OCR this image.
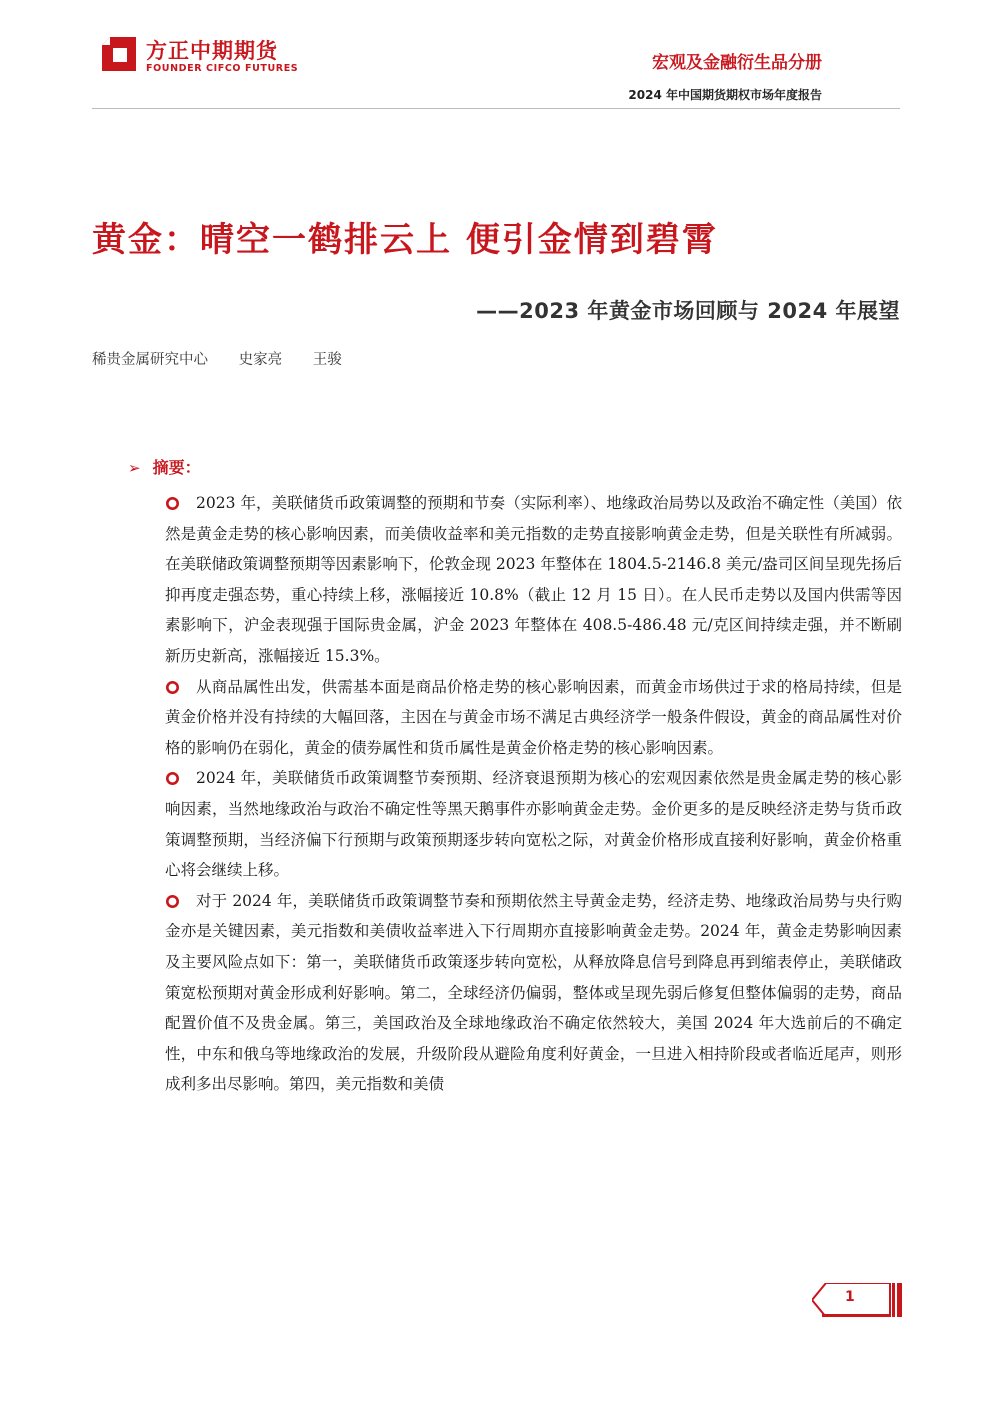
方正中期期货
FOUNDER CIFCO FUTURES	宏观及金融衍生品分册
2024 年中国期货期权市场年度报告
黄金：晴空一鹤排云上 便引金情到碧霄
——2023 年黄金市场回顾与 2024 年展望
稀贵金属研究中心 史家亮 王骏
➢ 摘要：

2023 年，美联储货币政策调整的预期和节奏（实际利率）、地缘政治局势以及政治不确定性（美国）依然是黄金走势的核心影响因素，而美债收益率和美元指数的走势直接影响黄金走势，但是关联性有所减弱。在美联储政策调整预期等因素影响下，伦敦金现 2023 年整体在 1804.5-2146.8 美元/盎司区间呈现先扬后抑再度走强态势，重心持续上移，涨幅接近 10.8%（截止 12 月 15 日）。在人民币走势以及国内供需等因素影响下，沪金表现强于国际贵金属，沪金 2023 年整体在 408.5-486.48 元/克区间持续走强，并不断刷新历史新高，涨幅接近 15.3%。

从商品属性出发，供需基本面是商品价格走势的核心影响因素，而黄金市场供过于求的格局持续，但是黄金价格并没有持续的大幅回落，主因在与黄金市场不满足古典经济学一般条件假设，黄金的商品属性对价格的影响仍在弱化，黄金的债券属性和货币属性是黄金价格走势的核心影响因素。

2024 年，美联储货币政策调整节奏预期、经济衰退预期为核心的宏观因素依然是贵金属走势的核心影响因素，当然地缘政治与政治不确定性等黑天鹅事件亦影响黄金走势。金价更多的是反映经济走势与货币政策调整预期，当经济偏下行预期与政策预期逐步转向宽松之际，对黄金价格形成直接利好影响，黄金价格重心将会继续上移。

对于 2024 年，美联储货币政策调整节奏和预期依然主导黄金走势，经济走势、地缘政治局势与央行购金亦是关键因素，美元指数和美债收益率进入下行周期亦直接影响黄金走势。2024 年，黄金走势影响因素及主要风险点如下：第一，美联储货币政策逐步转向宽松，从释放降息信号到降息再到缩表停止，美联储政策宽松预期对黄金形成利好影响。第二，全球经济仍偏弱，整体或呈现先弱后修复但整体偏弱的走势，商品配置价值不及贵金属。第三，美国政治及全球地缘政治不确定依然较大，美国 2024 年大选前后的不确定性，中东和俄乌等地缘政治的发展，升级阶段从避险角度利好黄金，一旦进入相持阶段或者临近尾声，则形成利多出尽影响。第四，美元指数和美债

1
